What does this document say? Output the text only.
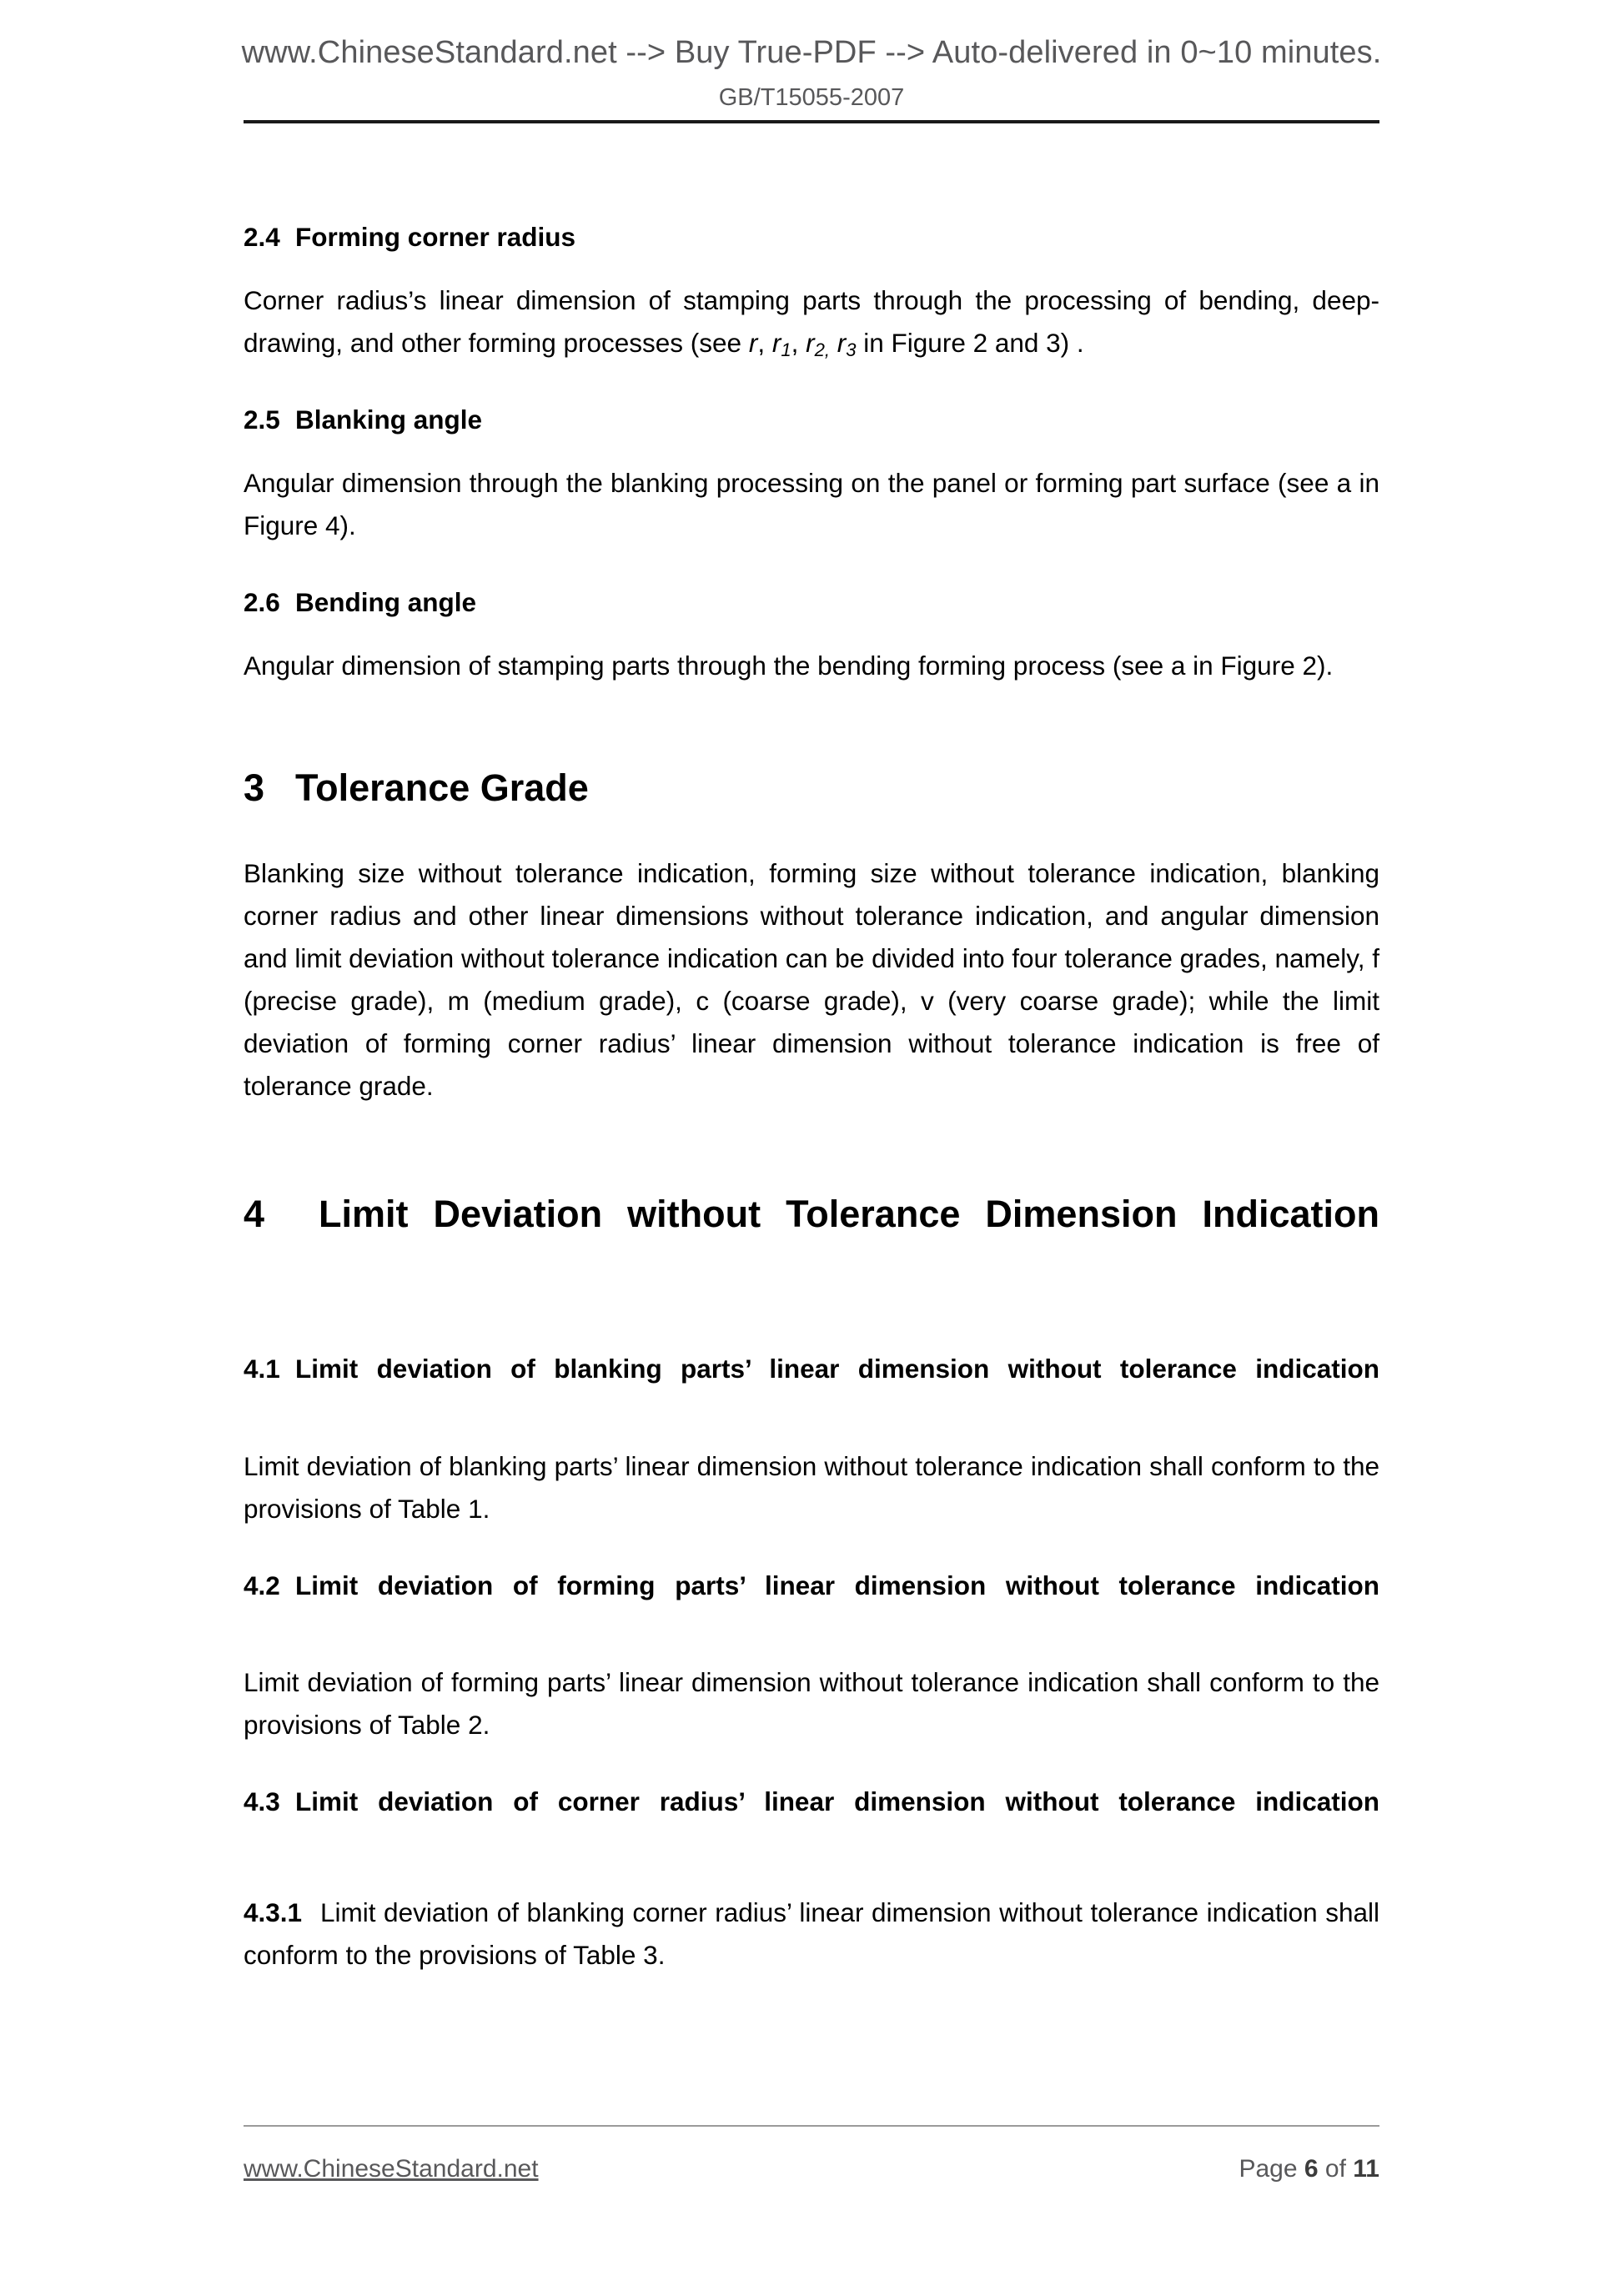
www.ChineseStandard.net --> Buy True-PDF --> Auto-delivered in 0~10 minutes.
GB/T15055-2007
2.4 Forming corner radius

Corner radius’s linear dimension of stamping parts through the processing of bending, deep-drawing, and other forming processes (see r, $r_1$, $r_{2,}$ $r_3$ in Figure 2 and 3) .

2.5 Blanking angle

Angular dimension through the blanking processing on the panel or forming part surface (see a in Figure 4).

2.6 Bending angle

Angular dimension of stamping parts through the bending forming process (see a in Figure 2).

3 Tolerance Grade

Blanking size without tolerance indication, forming size without tolerance indication, blanking corner radius and other linear dimensions without tolerance indication, and angular dimension and limit deviation without tolerance indication can be divided into four tolerance grades, namely, f (precise grade), m (medium grade), c (coarse grade), v (very coarse grade); while the limit deviation of forming corner radius’ linear dimension without tolerance indication is free of tolerance grade.

4 Limit Deviation without Tolerance Dimension Indication
4.1 Limit deviation of blanking parts’ linear dimension without tolerance indication

Limit deviation of blanking parts’ linear dimension without tolerance indication shall conform to the provisions of Table 1.

4.2 Limit deviation of forming parts’ linear dimension without tolerance indication

Limit deviation of forming parts’ linear dimension without tolerance indication shall conform to the provisions of Table 2.

4.3 Limit deviation of corner radius’ linear dimension without tolerance indication

4.3.1 Limit deviation of blanking corner radius’ linear dimension without tolerance indication shall conform to the provisions of Table 3.

www.ChineseStandard.net	Page 6 of 11
